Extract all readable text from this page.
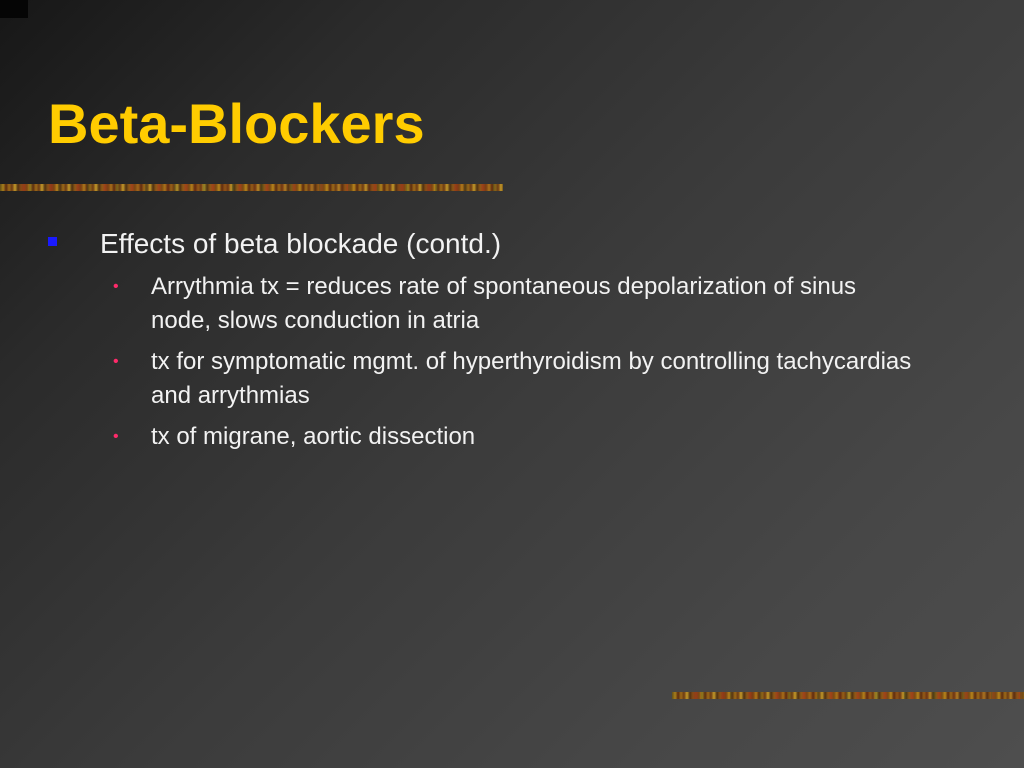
Beta-Blockers
Effects of beta blockade (contd.)
• Arrythmia tx = reduces rate of spontaneous depolarization of sinus node, slows conduction in atria
• tx for symptomatic mgmt. of hyperthyroidism by controlling tachycardias and arrythmias
• tx of migrane, aortic dissection
